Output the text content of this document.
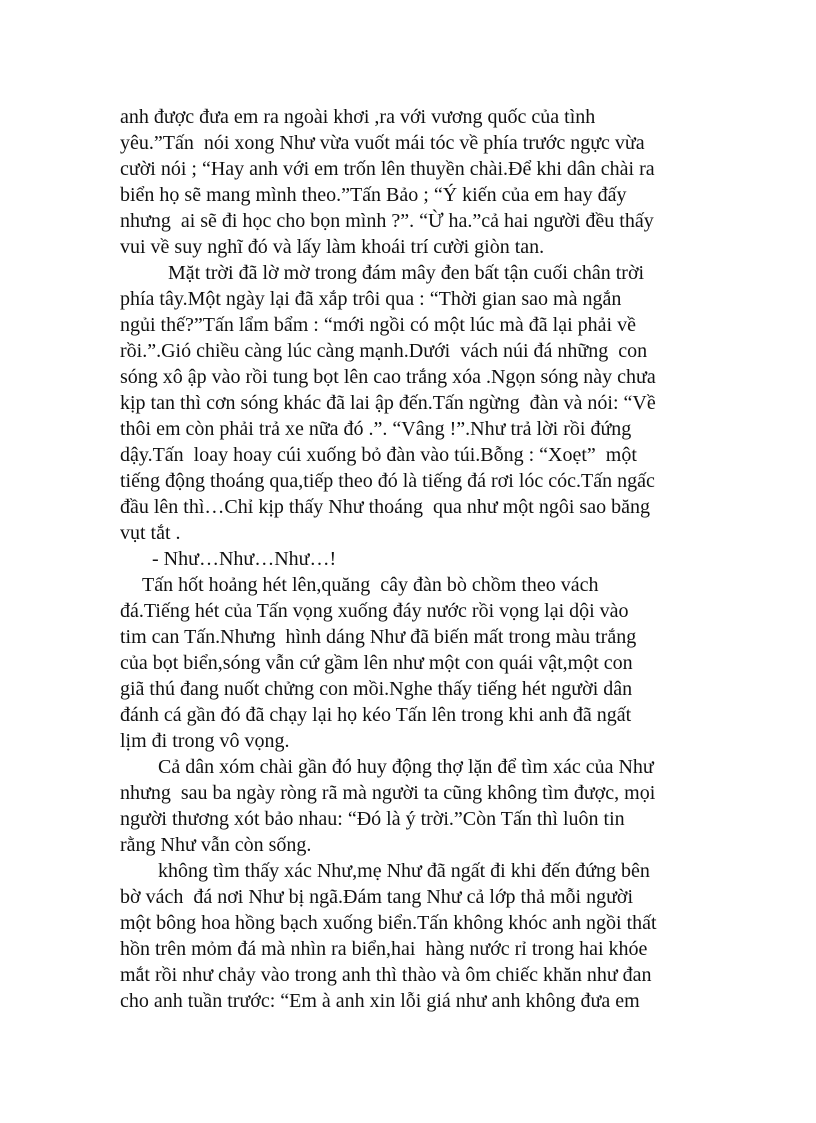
anh được đưa em ra ngoài khơi ,ra với vương quốc của tình
yêu.”Tấn  nói xong Như vừa vuốt mái tóc về phía trước ngực vừa
cười nói ; “Hay anh với em trốn lên thuyền chài.Để khi dân chài ra
biển họ sẽ mang mình theo.”Tấn Bảo ; “Ý kiến của em hay đấy
nhưng  ai sẽ đi học cho bọn mình ?”. “Ừ ha.”cả hai người đều thấy
vui về suy nghĩ đó và lấy làm khoái trí cười giòn tan.
Mặt trời đã lờ mờ trong đám mây đen bất tận cuối chân trời
phía tây.Một ngày lại đã xắp trôi qua : “Thời gian sao mà ngắn
ngủi thế?”Tấn lẩm bẩm : “mới ngồi có một lúc mà đã lại phải về
rồi.”.Gió chiều càng lúc càng mạnh.Dưới  vách núi đá những  con
sóng xô ập vào rồi tung bọt lên cao trắng xóa .Ngọn sóng này chưa
kịp tan thì cơn sóng khác đã lai ập đến.Tấn ngừng  đàn và nói: “Về
thôi em còn phải trả xe nữa đó .”. “Vâng !”.Như trả lời rồi đứng
dậy.Tấn  loay hoay cúi xuống bỏ đàn vào túi.Bỗng : “Xoẹt”  một
tiếng động thoáng qua,tiếp theo đó là tiếng đá rơi lóc cóc.Tấn ngấc
đầu lên thì…Chỉ kịp thấy Như thoáng  qua như một ngôi sao băng
vụt tắt .
- Như…Như…Như…!
Tấn hốt hoảng hét lên,quăng  cây đàn bò chồm theo vách
đá.Tiếng hét của Tấn vọng xuống đáy nước rồi vọng lại dội vào
tim can Tấn.Nhưng  hình dáng Như đã biến mất trong màu trắng
của bọt biển,sóng vẫn cứ gầm lên như một con quái vật,một con
giã thú đang nuốt chửng con mồi.Nghe thấy tiếng hét người dân
đánh cá gần đó đã chạy lại họ kéo Tấn lên trong khi anh đã ngất
lịm đi trong vô vọng.
Cả dân xóm chài gần đó huy động thợ lặn để tìm xác của Như
nhưng  sau ba ngày ròng rã mà người ta cũng không tìm được, mọi
người thương xót bảo nhau: “Đó là ý trời.”Còn Tấn thì luôn tin
rằng Như vẫn còn sống.
không tìm thấy xác Như,mẹ Như đã ngất đi khi đến đứng bên
bờ vách  đá nơi Như bị ngã.Đám tang Như cả lớp thả mỗi người
một bông hoa hồng bạch xuống biển.Tấn không khóc anh ngồi thất
hồn trên mỏm đá mà nhìn ra biển,hai  hàng nước rỉ trong hai khóe
mắt rồi như chảy vào trong anh thì thào và ôm chiếc khăn như đan
cho anh tuần trước: “Em à anh xin lỗi giá như anh không đưa em
